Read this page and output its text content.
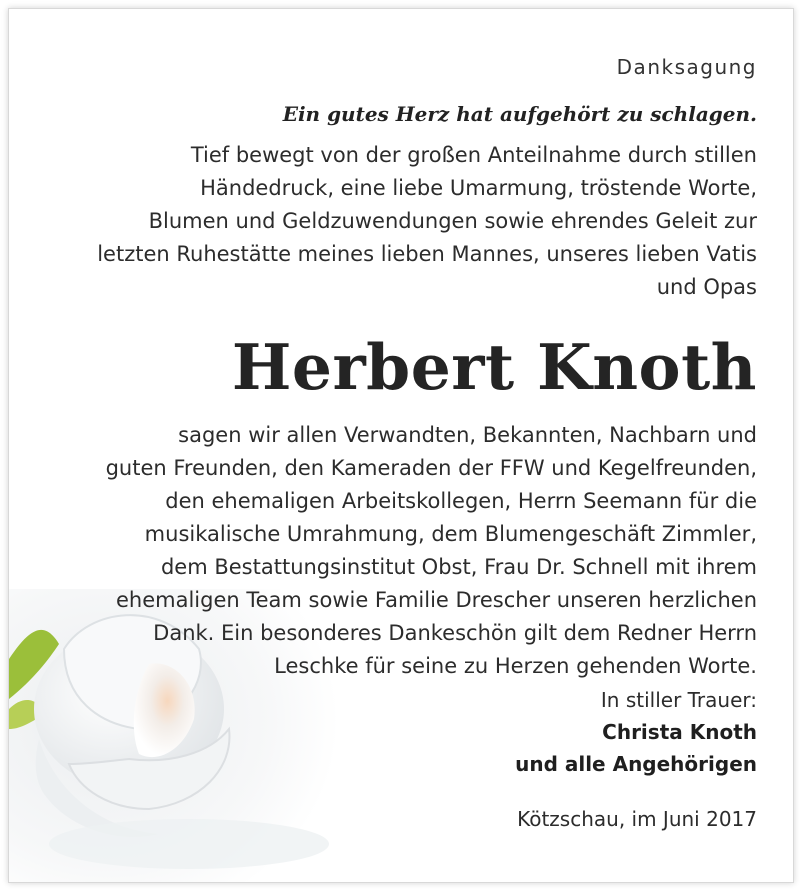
Danksagung

Ein gutes Herz hat aufgehört zu schlagen.

Tief bewegt von der großen Anteilnahme durch stillen
Händedruck, eine liebe Umarmung, tröstende Worte,
Blumen und Geldzuwendungen sowie ehrendes Geleit zur
letzten Ruhestätte meines lieben Mannes, unseres lieben Vatis
und Opas
Herbert Knoth
sagen wir allen Verwandten, Bekannten, Nachbarn und
guten Freunden, den Kameraden der FFW und Kegelfreunden,
den ehemaligen Arbeitskollegen, Herrn Seemann für die
musikalische Umrahmung, dem Blumengeschäft Zimmler,
dem Bestattungsinstitut Obst, Frau Dr. Schnell mit ihrem
ehemaligen Team sowie Familie Drescher unseren herzlichen
Dank. Ein besonderes Dankeschön gilt dem Redner Herrn
Leschke für seine zu Herzen gehenden Worte.
In stiller Trauer:
Christa Knoth
und alle Angehörigen

Kötzschau, im Juni 2017
